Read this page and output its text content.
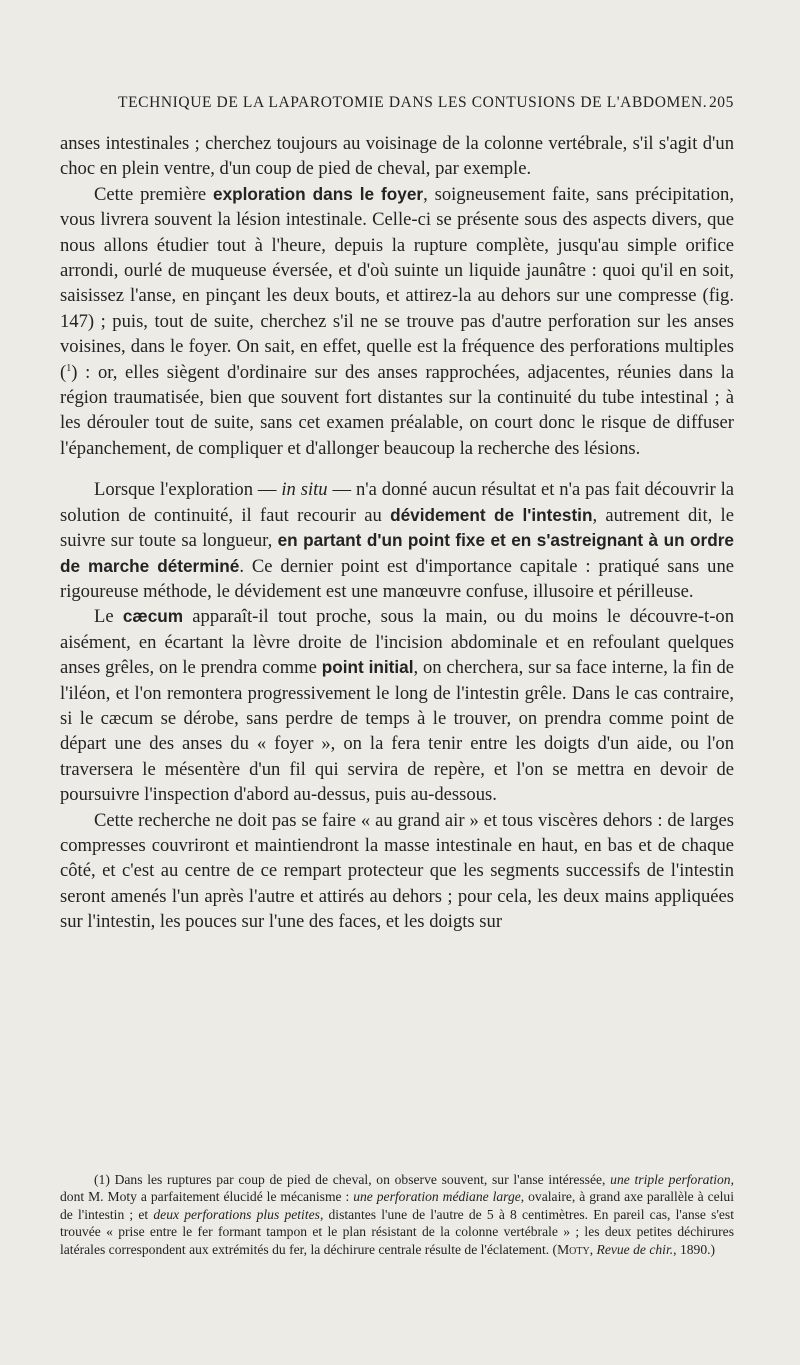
TECHNIQUE DE LA LAPAROTOMIE DANS LES CONTUSIONS DE L'ABDOMEN. 205

anses intestinales ; cherchez toujours au voisinage de la colonne vertébrale, s'il s'agit d'un choc en plein ventre, d'un coup de pied de cheval, par exemple.

Cette première exploration dans le foyer, soigneusement faite, sans précipitation, vous livrera souvent la lésion intestinale. Celle-ci se présente sous des aspects divers, que nous allons étudier tout à l'heure, depuis la rupture complète, jusqu'au simple orifice arrondi, ourlé de muqueuse éversée, et d'où suinte un liquide jaunâtre : quoi qu'il en soit, saisissez l'anse, en pinçant les deux bouts, et attirez-la au dehors sur une compresse (fig. 147) ; puis, tout de suite, cherchez s'il ne se trouve pas d'autre perforation sur les anses voisines, dans le foyer. On sait, en effet, quelle est la fréquence des perforations multiples ($^1$) : or, elles siègent d'ordinaire sur des anses rapprochées, adjacentes, réunies dans la région traumatisée, bien que souvent fort distantes sur la continuité du tube intestinal ; à les dérouler tout de suite, sans cet examen préalable, on court donc le risque de diffuser l'épanchement, de compliquer et d'allonger beaucoup la recherche des lésions.

Lorsque l'exploration — in situ — n'a donné aucun résultat et n'a pas fait découvrir la solution de continuité, il faut recourir au dévidement de l'intestin, autrement dit, le suivre sur toute sa longueur, en partant d'un point fixe et en s'astreignant à un ordre de marche déterminé. Ce dernier point est d'importance capitale : pratiqué sans une rigoureuse méthode, le dévidement est une manœuvre confuse, illusoire et périlleuse.

Le cæcum apparaît-il tout proche, sous la main, ou du moins le découvre-t-on aisément, en écartant la lèvre droite de l'incision abdominale et en refoulant quelques anses grêles, on le prendra comme point initial, on cherchera, sur sa face interne, la fin de l'iléon, et l'on remontera progressivement le long de l'intestin grêle. Dans le cas contraire, si le cæcum se dérobe, sans perdre de temps à le trouver, on prendra comme point de départ une des anses du « foyer », on la fera tenir entre les doigts d'un aide, ou l'on traversera le mésentère d'un fil qui servira de repère, et l'on se mettra en devoir de poursuivre l'inspection d'abord au-dessus, puis au-dessous.

Cette recherche ne doit pas se faire « au grand air » et tous viscères dehors : de larges compresses couvriront et maintiendront la masse intestinale en haut, en bas et de chaque côté, et c'est au centre de ce rempart protecteur que les segments successifs de l'intestin seront amenés l'un après l'autre et attirés au dehors ; pour cela, les deux mains appliquées sur l'intestin, les pouces sur l'une des faces, et les doigts sur

(1) Dans les ruptures par coup de pied de cheval, on observe souvent, sur l'anse intéressée, une triple perforation, dont M. Moty a parfaitement élucidé le mécanisme : une perforation médiane large, ovalaire, à grand axe parallèle à celui de l'intestin ; et deux perforations plus petites, distantes l'une de l'autre de 5 à 8 centimètres. En pareil cas, l'anse s'est trouvée « prise entre le fer formant tampon et le plan résistant de la colonne vertébrale » ; les deux petites déchirures latérales correspondent aux extrémités du fer, la déchirure centrale résulte de l'éclatement. (Moty, Revue de chir., 1890.)
